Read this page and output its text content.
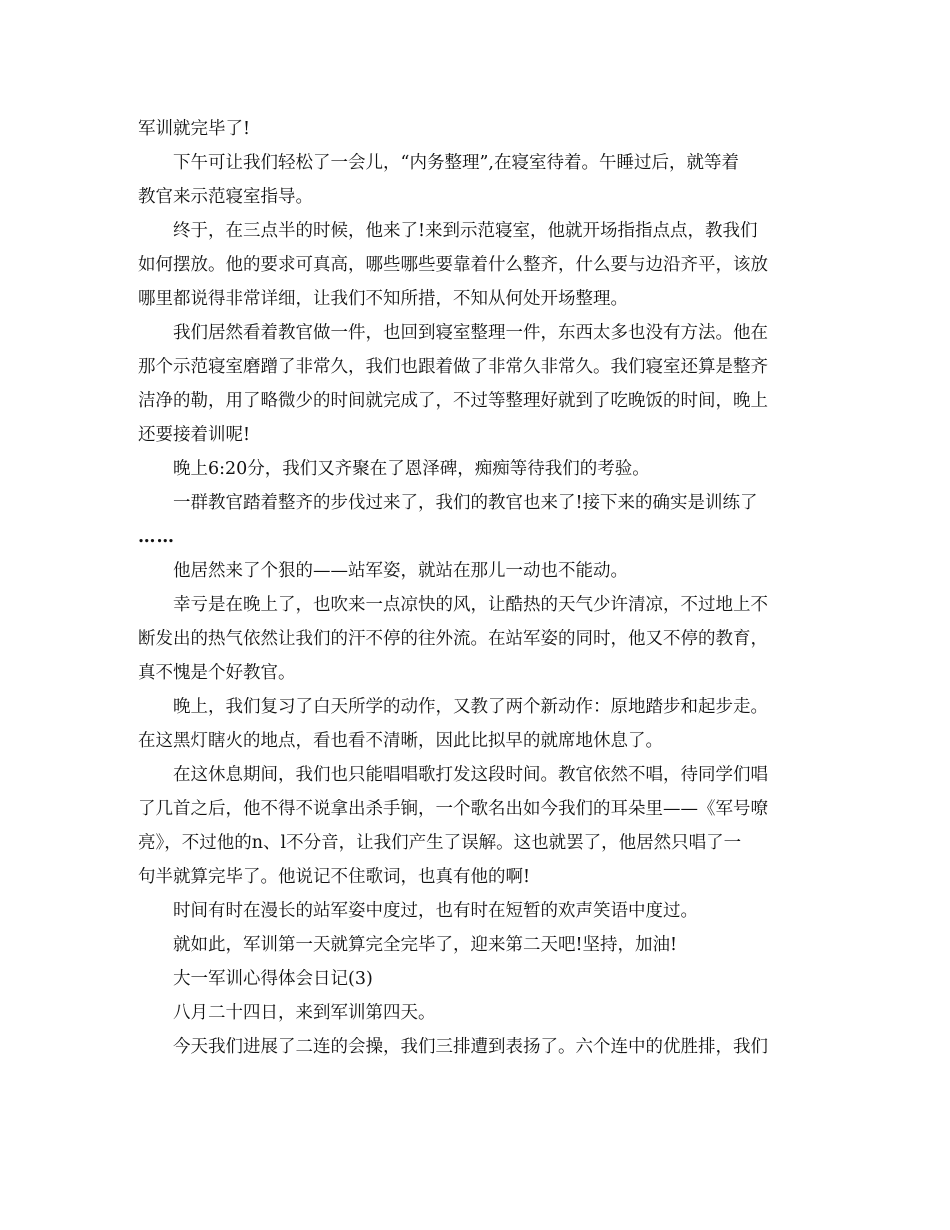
军训就完毕了!
下午可让我们轻松了一会儿，“内务整理”,在寝室待着。午睡过后，就等着
教官来示范寝室指导。
终于，在三点半的时候，他来了!来到示范寝室，他就开场指指点点，教我们
如何摆放。他的要求可真高，哪些哪些要靠着什么整齐，什么要与边沿齐平，该放
哪里都说得非常详细，让我们不知所措，不知从何处开场整理。
我们居然看着教官做一件，也回到寝室整理一件，东西太多也没有方法。他在
那个示范寝室磨蹭了非常久，我们也跟着做了非常久非常久。我们寝室还算是整齐
洁净的勒，用了略微少的时间就完成了，不过等整理好就到了吃晚饭的时间，晚上
还要接着训呢!
晚上6:20分，我们又齐聚在了恩泽碑，痴痴等待我们的考验。
一群教官踏着整齐的步伐过来了，我们的教官也来了!接下来的确实是训练了
……
他居然来了个狠的——站军姿，就站在那儿一动也不能动。
幸亏是在晚上了，也吹来一点凉快的风，让酷热的天气少许清凉，不过地上不
断发出的热气依然让我们的汗不停的往外流。在站军姿的同时，他又不停的教育，
真不愧是个好教官。
晚上，我们复习了白天所学的动作，又教了两个新动作：原地踏步和起步走。
在这黑灯瞎火的地点，看也看不清晰，因此比拟早的就席地休息了。
在这休息期间，我们也只能唱唱歌打发这段时间。教官依然不唱，待同学们唱
了几首之后，他不得不说拿出杀手锏，一个歌名出如今我们的耳朵里——《军号嘹
亮》，不过他的n、l不分音，让我们产生了误解。这也就罢了，他居然只唱了一
句半就算完毕了。他说记不住歌词，也真有他的啊!
时间有时在漫长的站军姿中度过，也有时在短暂的欢声笑语中度过。
就如此，军训第一天就算完全完毕了，迎来第二天吧!坚持，加油!
大一军训心得体会日记(3)
八月二十四日，来到军训第四天。
今天我们进展了二连的会操，我们三排遭到表扬了。六个连中的优胜排，我们
